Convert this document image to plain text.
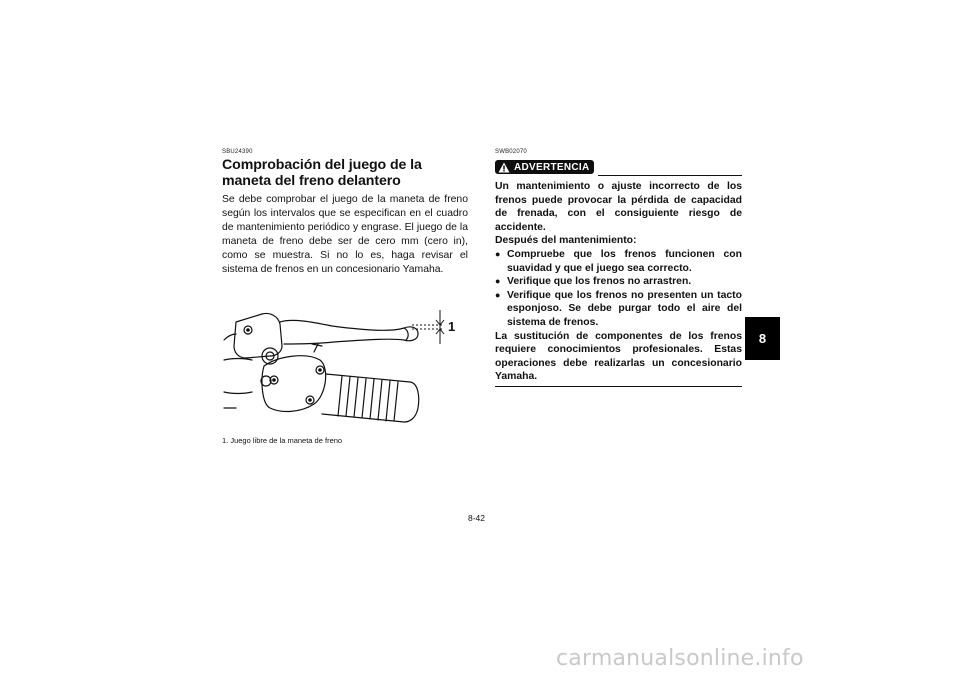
SBU24390
Comprobación del juego de la maneta del freno delantero

Se debe comprobar el juego de la maneta de freno según los intervalos que se especifican en el cuadro de mantenimiento periódico y engrase. El juego de la maneta de freno debe ser de cero mm (cero in), como se muestra. Si no lo es, haga revisar el sistema de frenos en un concesionario Yamaha.

1
1. Juego libre de la maneta de freno
SWB02070
ADVERTENCIA

Un mantenimiento o ajuste incorrecto de los frenos puede provocar la pérdida de capacidad de frenada, con el consiguiente riesgo de accidente.

Después del mantenimiento:

● Compruebe que los frenos funcionen con suavidad y que el juego sea correcto.
● Verifique que los frenos no arrastren.
● Verifique que los frenos no presenten un tacto esponjoso. Se debe purgar todo el aire del sistema de frenos.

La sustitución de componentes de los frenos requiere conocimientos profesionales. Estas operaciones debe realizarlas un concesionario Yamaha.

8
8-42
carmanualsonline.info
